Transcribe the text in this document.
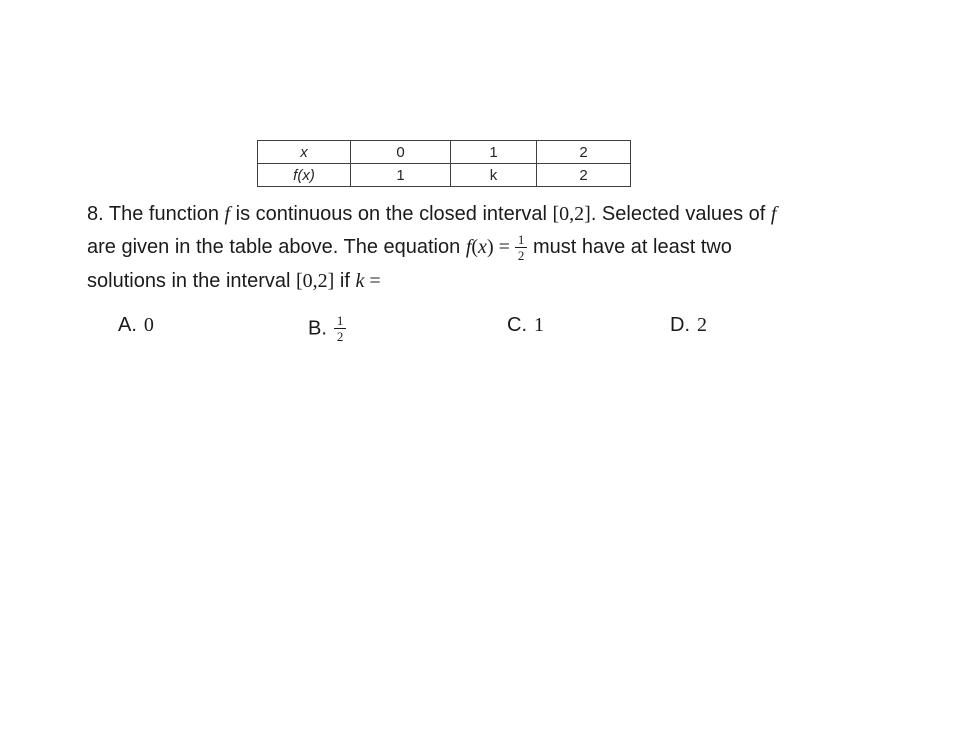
x	0	1	2
f(x)	1	k	2
8. The function f is continuous on the closed interval [0,2]. Selected values of f
are given in the table above. The equation $f(x) = \frac{1}{2}$ must have at least two
solutions in the interval [0,2] if k =
A. 0	B. $\frac{1}{2}$	C. 1	D. 2
